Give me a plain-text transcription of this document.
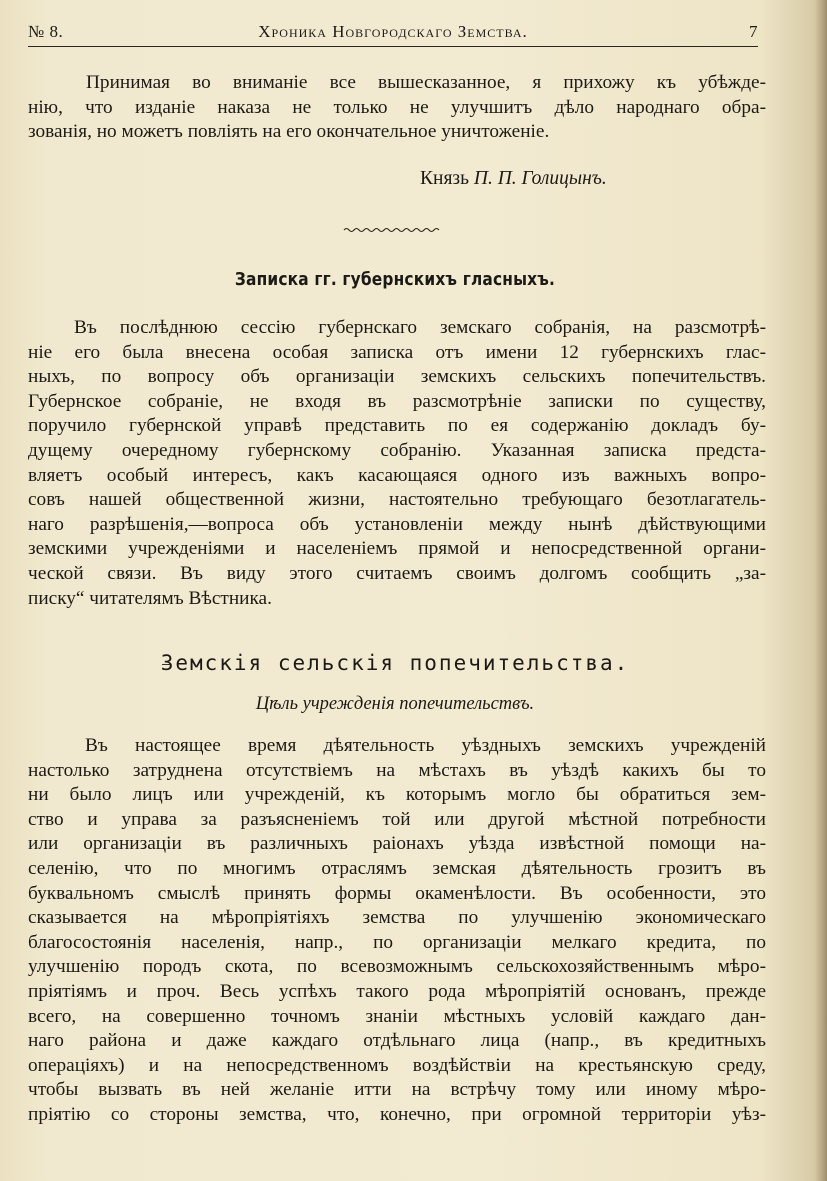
№ 8.	Хроника Новгородскаго Земства.	7
Принимая во вниманіе все вышесказанное, я прихожу къ убѣжде-
нію, что изданіе наказа не только не улучшитъ дѣло народнаго обра-
зованія, но можетъ повліять на его окончательное уничтоженіе.
Князь П. П. Голицынъ.
Записка гг. губернскихъ гласныхъ.
Въ послѣднюю сессію губернскаго земскаго собранія, на разсмотрѣ-
ніе его была внесена особая записка отъ имени 12 губернскихъ глас-
ныхъ, по вопросу объ организаціи земскихъ сельскихъ попечительствъ.
Губернское собраніе, не входя въ разсмотрѣніе записки по существу,
поручило губернской управѣ представить по ея содержанію докладъ бу-
дущему очередному губернскому собранію. Указанная записка предста-
вляетъ особый интересъ, какъ касающаяся одного изъ важныхъ вопро-
совъ нашей общественной жизни, настоятельно требующаго безотлагатель-
наго разрѣшенія,—вопроса объ установленіи между нынѣ дѣйствующими
земскими учрежденіями и населеніемъ прямой и непосредственной органи-
ческой связи. Въ виду этого считаемъ своимъ долгомъ сообщить „за-
писку“ читателямъ Вѣстника.
Земскія сельскія попечительства.
Цѣль учрежденія попечительствъ.
Въ настоящее время дѣятельность уѣздныхъ земскихъ учрежденій
настолько затруднена отсутствіемъ на мѣстахъ въ уѣздѣ какихъ бы то
ни было лицъ или учрежденій, къ которымъ могло бы обратиться зем-
ство и управа за разъясненіемъ той или другой мѣстной потребности
или организаціи въ различныхъ раіонахъ уѣзда извѣстной помощи на-
селенію, что по многимъ отраслямъ земская дѣятельность грозитъ въ
буквальномъ смыслѣ принять формы окаменѣлости. Въ особенности, это
сказывается на мѣропріятіяхъ земства по улучшенію экономическаго
благосостоянія населенія, напр., по организаціи мелкаго кредита, по
улучшенію породъ скота, по всевозможнымъ сельскохозяйственнымъ мѣро-
пріятіямъ и проч. Весь успѣхъ такого рода мѣропріятій основанъ, прежде
всего, на совершенно точномъ знаніи мѣстныхъ условій каждаго дан-
наго района и даже каждаго отдѣльнаго лица (напр., въ кредитныхъ
операціяхъ) и на непосредственномъ воздѣйствіи на крестьянскую среду,
чтобы вызвать въ ней желаніе итти на встрѣчу тому или иному мѣро-
пріятію со стороны земства, что, конечно, при огромной территоріи уѣз-
